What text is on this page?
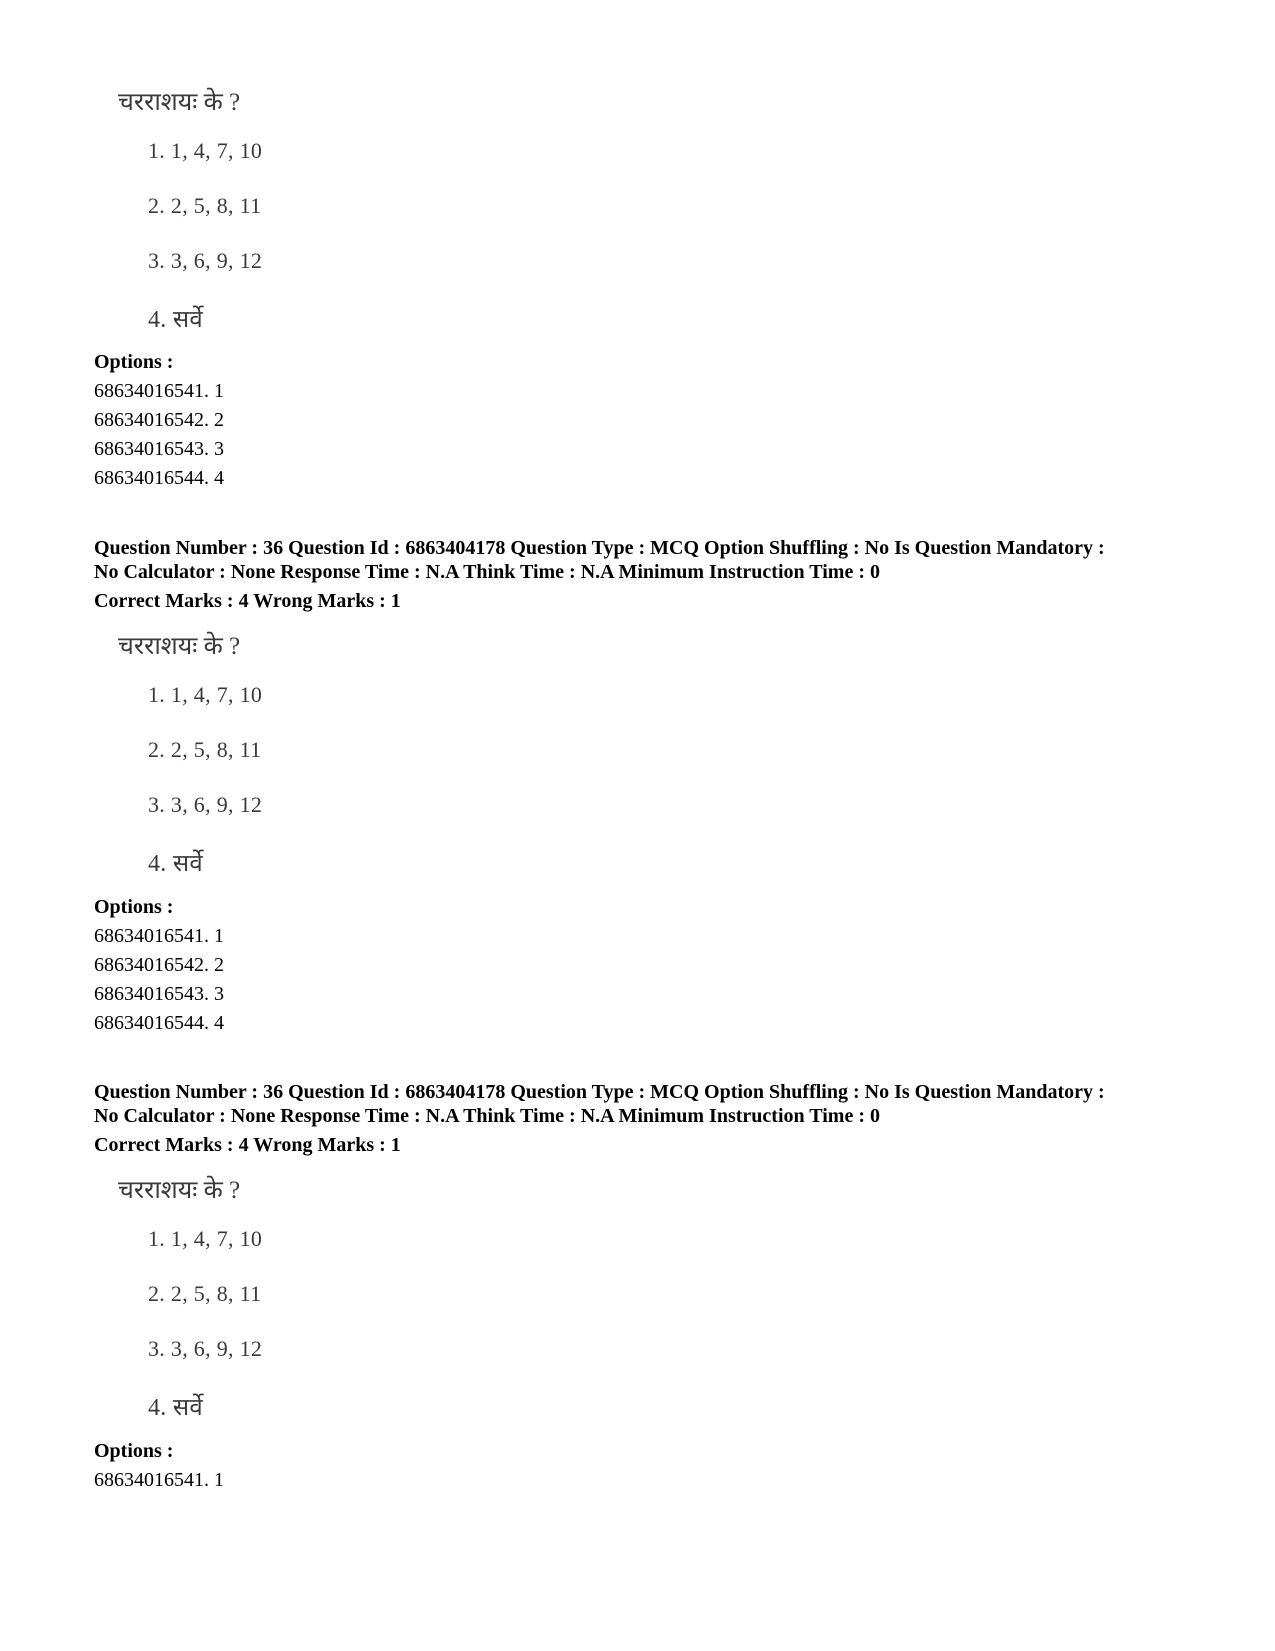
चरराशयः के ?
1. 1, 4, 7, 10
2. 2, 5, 8, 11
3. 3, 6, 9, 12
4. सर्वे
Options :
68634016541. 1
68634016542. 2
68634016543. 3
68634016544. 4
Question Number : 36 Question Id : 6863404178 Question Type : MCQ Option Shuffling : No Is Question Mandatory :
No Calculator : None Response Time : N.A Think Time : N.A Minimum Instruction Time : 0
Correct Marks : 4 Wrong Marks : 1
चरराशयः के ?
1. 1, 4, 7, 10
2. 2, 5, 8, 11
3. 3, 6, 9, 12
4. सर्वे
Options :
68634016541. 1
68634016542. 2
68634016543. 3
68634016544. 4
Question Number : 36 Question Id : 6863404178 Question Type : MCQ Option Shuffling : No Is Question Mandatory :
No Calculator : None Response Time : N.A Think Time : N.A Minimum Instruction Time : 0
Correct Marks : 4 Wrong Marks : 1
चरराशयः के ?
1. 1, 4, 7, 10
2. 2, 5, 8, 11
3. 3, 6, 9, 12
4. सर्वे
Options :
68634016541. 1
